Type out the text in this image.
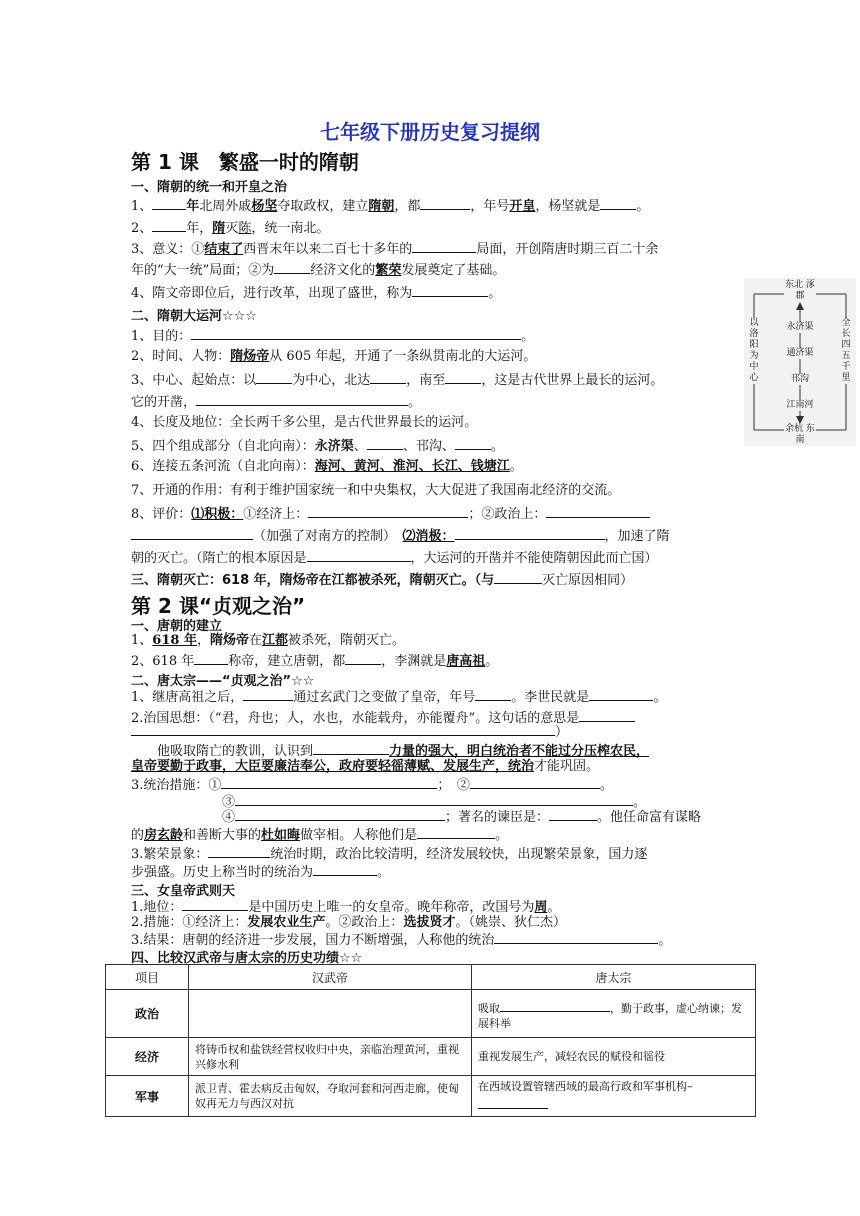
七年级下册历史复习提纲
第 1 课　繁盛一时的隋朝
一、隋朝的统一和开皇之治
1、	年北周外戚杨坚夺取政权，建立隋朝，都	，年号开皇，杨坚就是	。
2、	年，隋灭陈，统一南北。
3、意义：①结束了西晋末年以来二百七十多年的	局面，开创隋唐时期三百二十余
年的“大一统”局面；②为	经济文化的繁荣发展奠定了基础。
4、隋文帝即位后，进行改革，出现了盛世，称为	。
二、隋朝大运河☆☆☆
1、目的：	。
2、时间、人物：隋炀帝从 605 年起，开通了一条纵贯南北的大运河。
3、中心、起始点：以	为中心，北达	，南至	，这是古代世界上最长的运河。
它的开凿，	。
4、长度及地位：全长两千多公里，是古代世界最长的运河。
5、四个组成部分（自北向南）：永济渠、	、邗沟、	。
6、连接五条河流（自北向南）：海河、黄河、淮河、长江、钱塘江。
7、开通的作用：有利于维护国家统一和中央集权，大大促进了我国南北经济的交流。
8、评价：⑴积极：①经济上：	；②政治上：
（加强了对南方的控制）　⑵消极：	，加速了隋
朝的灭亡。（隋亡的根本原因是	，大运河的开凿并不能使隋朝因此而亡国）
三、隋朝灭亡：618 年，隋炀帝在江都被杀死，隋朝灭亡。（与	灭亡原因相同）
第 2 课“贞观之治”
一、唐朝的建立
1、618 年，隋炀帝在江都被杀死，隋朝灭亡。
2、618 年	称帝，建立唐朝，都	，李渊就是唐高祖。
二、唐太宗——“贞观之治”☆☆
1、继唐高祖之后，	通过玄武门之变做了皇帝，年号	。李世民就是	。
2.治国思想：（“君，舟也；人，水也，水能载舟，亦能覆舟”。这句话的意思是
）
　　他吸取隋亡的教训，认识到	力量的强大，明白统治者不能过分压榨农民，
皇帝要勤于政事，大臣要廉洁奉公，政府要轻徭薄赋、发展生产，统治才能巩固。
3.统治措施：①	；　②	。
　　　　　　　③	。
　　　　　　　④	；著名的谏臣是：	。他任命富有谋略
的房玄龄和善断大事的杜如晦做宰相。人称他们是	。
3.繁荣景象：	统治时期，政治比较清明，经济发展较快，出现繁荣景象，国力逐
步强盛。历史上称当时的统治为	。
三、女皇帝武则天
1.地位：	是中国历史上唯一的女皇帝。晚年称帝，改国号为周。
2.措施：①经济上：发展农业生产。②政治上：选拔贤才。（姚崇、狄仁杰）
3.结果：唐朝的经济进一步发展，国力不断增强，人称他的统治	。
四、比较汉武帝与唐太宗的历史功绩☆☆
东北 涿郡
永济渠
通济渠
邗沟
江南河
余杭 东南
以洛阳为中心
全长四五千里
项目	汉武帝	唐太宗
政治		吸取 ，勤于政事，虚心纳谏；发展科举
经济	将铸币权和盐铁经营权收归中央，亲临治理黄河，重视兴修水利	重视发展生产，减轻农民的赋役和徭役
军事	派卫青、霍去病反击匈奴，夺取河套和河西走廊，使匈奴再无力与西汉对抗	在西域设置管辖西域的最高行政和军事机构–
